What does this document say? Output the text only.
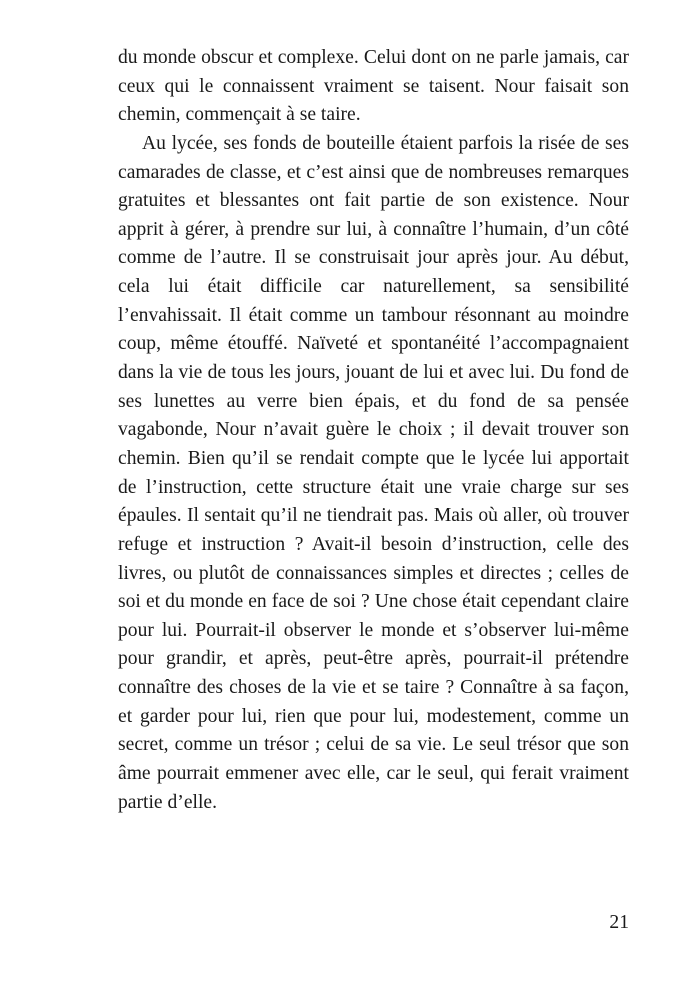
du monde obscur et complexe. Celui dont on ne parle jamais, car
ceux qui le connaissent vraiment se taisent. Nour faisait son
chemin, commençait à se taire.
Au lycée, ses fonds de bouteille étaient parfois la risée de ses
camarades de classe, et c’est ainsi que de nombreuses remarques
gratuites et blessantes ont fait partie de son existence. Nour
apprit à gérer, à prendre sur lui, à connaître l’humain, d’un côté
comme de l’autre. Il se construisait jour après jour. Au début,
cela lui était difficile car naturellement, sa sensibilité
l’envahissait. Il était comme un tambour résonnant au moindre
coup, même étouffé. Naïveté et spontanéité l’accompagnaient
dans la vie de tous les jours, jouant de lui et avec lui. Du fond de
ses lunettes au verre bien épais, et du fond de sa pensée
vagabonde, Nour n’avait guère le choix ; il devait trouver son
chemin. Bien qu’il se rendait compte que le lycée lui apportait
de l’instruction, cette structure était une vraie charge sur ses
épaules. Il sentait qu’il ne tiendrait pas. Mais où aller, où trouver
refuge et instruction ? Avait-il besoin d’instruction, celle des
livres, ou plutôt de connaissances simples et directes ; celles de
soi et du monde en face de soi ? Une chose était cependant claire
pour lui. Pourrait-il observer le monde et s’observer lui-même
pour grandir, et après, peut-être après, pourrait-il prétendre
connaître des choses de la vie et se taire ? Connaître à sa façon,
et garder pour lui, rien que pour lui, modestement, comme un
secret, comme un trésor ; celui de sa vie. Le seul trésor que son
âme pourrait emmener avec elle, car le seul, qui ferait vraiment
partie d’elle.
21
